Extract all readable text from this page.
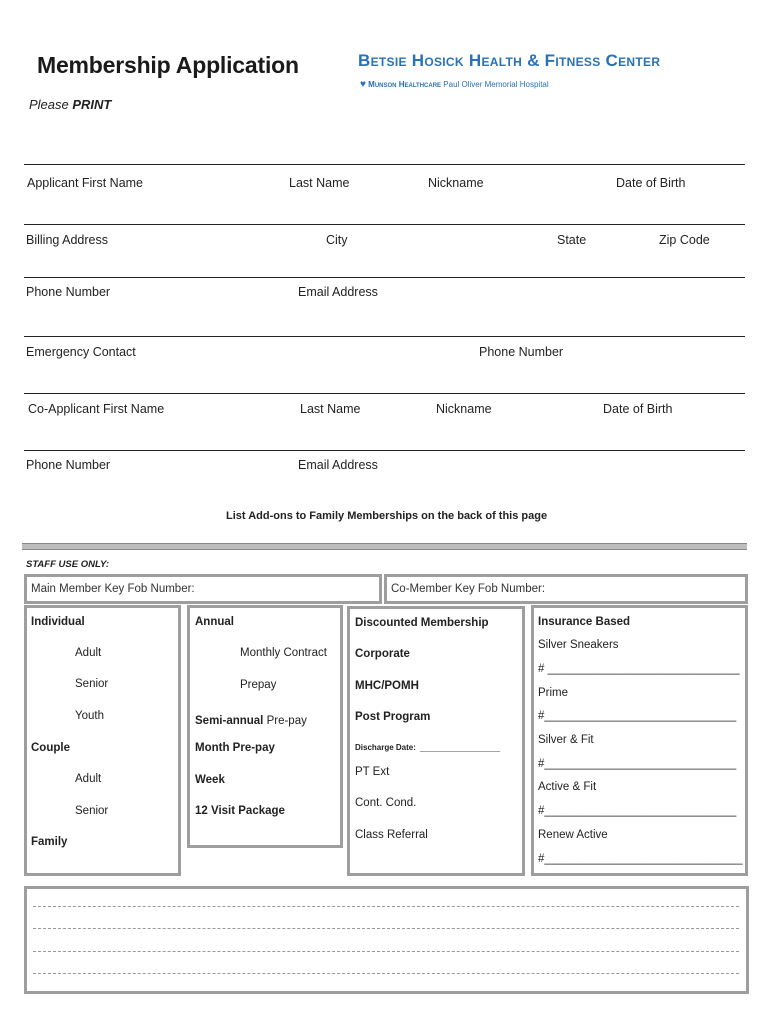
Membership Application
Please PRINT
Betsie Hosick Health & Fitness Center
♥ Munson Healthcare Paul Oliver Memorial Hospital
Applicant First Name	Last Name	Nickname	Date of Birth
Billing Address	City	State	Zip Code
Phone Number	Email Address
Emergency Contact	Phone Number
Co-Applicant First Name	Last Name	Nickname	Date of Birth
Phone Number	Email Address
List Add-ons to Family Memberships on the back of this page
STAFF USE ONLY:
Main Member Key Fob Number:	Co-Member Key Fob Number:
Individual
Adult
Senior
Youth
Couple
Adult
Senior
Family
Annual
Monthly Contract
Prepay
Semi-annual Pre-pay
Month Pre-pay
Week
12 Visit Package
Discounted Membership
Corporate
MHC/POMH
Post Program
Discharge Date: __________________
PT Ext
Cont. Cond.
Class Referral
Insurance Based
Silver Sneakers
# ______________________________
Prime
#______________________________
Silver & Fit
#______________________________
Active & Fit
#______________________________
Renew Active
#_______________________________
